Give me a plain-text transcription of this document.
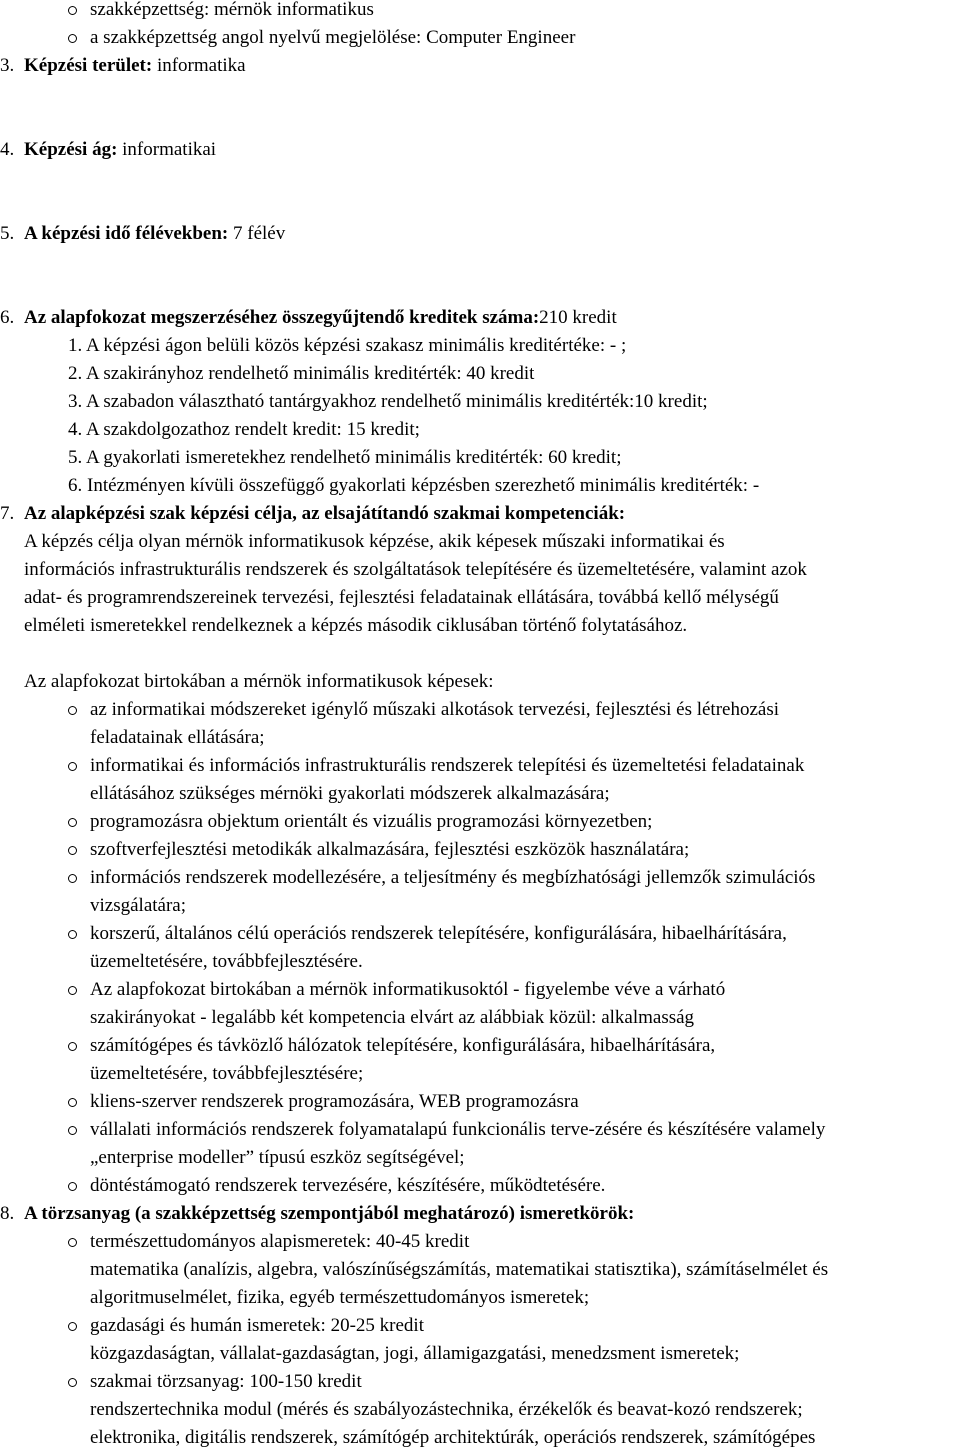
szakképzettség: mérnök informatikus
a szakképzettség angol nyelvű megjelölése: Computer Engineer
3. Képzési terület: informatika
4. Képzési ág: informatikai
5. A képzési idő félévekben: 7 félév
6. Az alapfokozat megszerzéséhez összegyűjtendő kreditek száma:210 kredit
1. A képzési ágon belüli közös képzési szakasz minimális kreditértéke: - ;
2. A szakirányhoz rendelhető minimális kreditérték: 40 kredit
3. A szabadon választható tantárgyakhoz rendelhető minimális kreditérték:10 kredit;
4. A szakdolgozathoz rendelt kredit: 15 kredit;
5. A gyakorlati ismeretekhez rendelhető minimális kreditérték: 60 kredit;
6. Intézményen kívüli összefüggő gyakorlati képzésben szerezhető minimális kreditérték: -
7. Az alapképzési szak képzési célja, az elsajátítandó szakmai kompetenciák:
A képzés célja olyan mérnök informatikusok képzése, akik képesek műszaki informatikai és
információs infrastrukturális rendszerek és szolgáltatások telepítésére és üzemeltetésére, valamint azok
adat- és programrendszereinek tervezési, fejlesztési feladatainak ellátására, továbbá kellő mélységű
elméleti ismeretekkel rendelkeznek a képzés második ciklusában történő folytatásához.
Az alapfokozat birtokában a mérnök informatikusok képesek:
az informatikai módszereket igénylő műszaki alkotások tervezési, fejlesztési és létrehozási
feladatainak ellátására;
informatikai és információs infrastrukturális rendszerek telepítési és üzemeltetési feladatainak
ellátásához szükséges mérnöki gyakorlati módszerek alkalmazására;
programozásra objektum orientált és vizuális programozási környezetben;
szoftverfejlesztési metodikák alkalmazására, fejlesztési eszközök használatára;
információs rendszerek modellezésére, a teljesítmény és megbízhatósági jellemzők szimulációs
vizsgálatára;
korszerű, általános célú operációs rendszerek telepítésére, konfigurálására, hibaelhárítására,
üzemeltetésére, továbbfejlesztésére.
Az alapfokozat birtokában a mérnök informatikusoktól - figyelembe véve a várható
szakirányokat - legalább két kompetencia elvárt az alábbiak közül: alkalmasság
számítógépes és távközlő hálózatok telepítésére, konfigurálására, hibaelhárítására,
üzemeltetésére, továbbfejlesztésére;
kliens-szerver rendszerek programozására, WEB programozásra
vállalati információs rendszerek folyamatalapú funkcionális terve-zésére és készítésére valamely
„enterprise modeller” típusú eszköz segítségével;
döntéstámogató rendszerek tervezésére, készítésére, működtetésére.
8. A törzsanyag (a szakképzettség szempontjából meghatározó) ismeretkörök:
természettudományos alapismeretek: 40-45 kredit
matematika (analízis, algebra, valószínűségszámítás, matematikai statisztika), számításelmélet és
algoritmuselmélet, fizika, egyéb természettudományos ismeretek;
gazdasági és humán ismeretek: 20-25 kredit
közgazdaságtan, vállalat-gazdaságtan, jogi, államigazgatási, menedzsment ismeretek;
szakmai törzsanyag: 100-150 kredit
rendszertechnika modul (mérés és szabályozástechnika, érzékelők és beavat-kozó rendszerek;
elektronika, digitális rendszerek, számítógép architektúrák, operációs rendszerek, számítógépes
